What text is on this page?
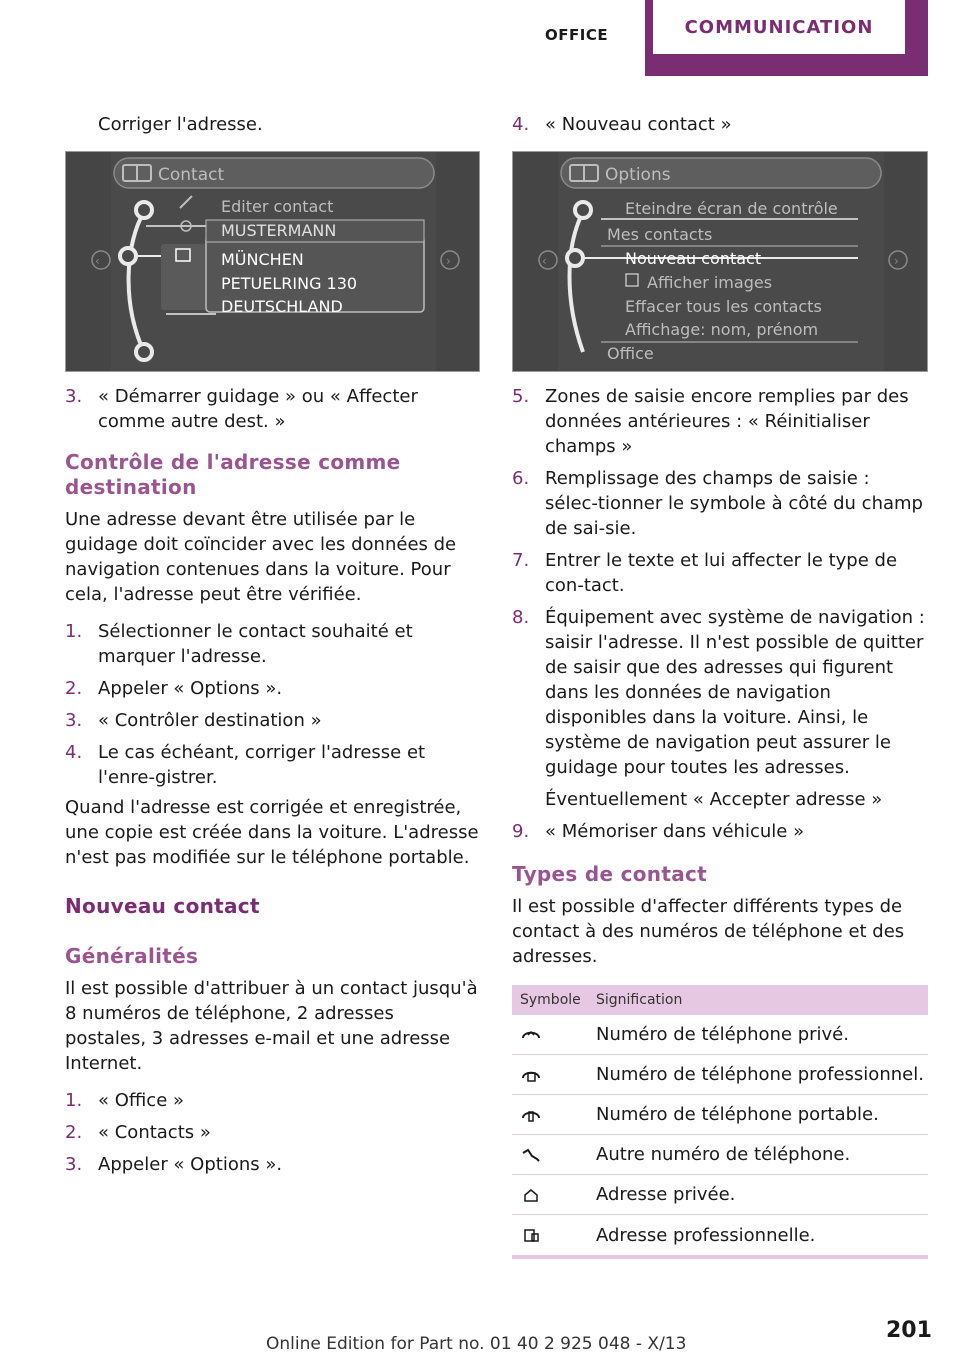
OFFICE	COMMUNICATION

Corriger l'adresse.

Contact
‹	›
Editer contact
MUSTERMANN
MÜNCHEN
PETUELRING 130
DEUTSCHLAND
3. « Démarrer guidage » ou « Affecter comme autre dest. »
Contrôle de l'adresse comme destination

Une adresse devant être utilisée par le guidage doit coïncider avec les données de navigation contenues dans la voiture. Pour cela, l'adresse peut être vérifiée.

1. Sélectionner le contact souhaité et marquer l'adresse.
2. Appeler « Options ».
3. « Contrôler destination »
4. Le cas échéant, corriger l'adresse et l'enre‐gistrer.

Quand l'adresse est corrigée et enregistrée, une copie est créée dans la voiture. L'adresse n'est pas modifiée sur le téléphone portable.

Nouveau contact
Généralités

Il est possible d'attribuer à un contact jusqu'à 8 numéros de téléphone, 2 adresses postales, 3 adresses e-mail et une adresse Internet.

1. « Office »
2. « Contacts »
3. Appeler « Options ».
4. « Nouveau contact »
Options
‹	›
Eteindre écran de contrôle
Mes contacts
Nouveau contact
Afficher images
Effacer tous les contacts
Affichage: nom, prénom
Office
5. Zones de saisie encore remplies par des données antérieures : « Réinitialiser champs »
6. Remplissage des champs de saisie : sélec‐tionner le symbole à côté du champ de sai‐sie.
7. Entrer le texte et lui affecter le type de con‐tact.
8. Équipement avec système de navigation : saisir l'adresse. Il n'est possible de quitter de saisir que des adresses qui figurent dans les données de navigation disponibles dans la voiture. Ainsi, le système de navigation peut assurer le guidage pour toutes les adresses.
Éventuellement « Accepter adresse »
9. « Mémoriser dans véhicule »
Types de contact

Il est possible d'affecter différents types de contact à des numéros de téléphone et des adresses.

Symbole	Signification
Numéro de téléphone privé.
Numéro de téléphone professionnel.
Numéro de téléphone portable.
Autre numéro de téléphone.
Adresse privée.
Adresse professionnelle.
201
Online Edition for Part no. 01 40 2 925 048 - X/13
